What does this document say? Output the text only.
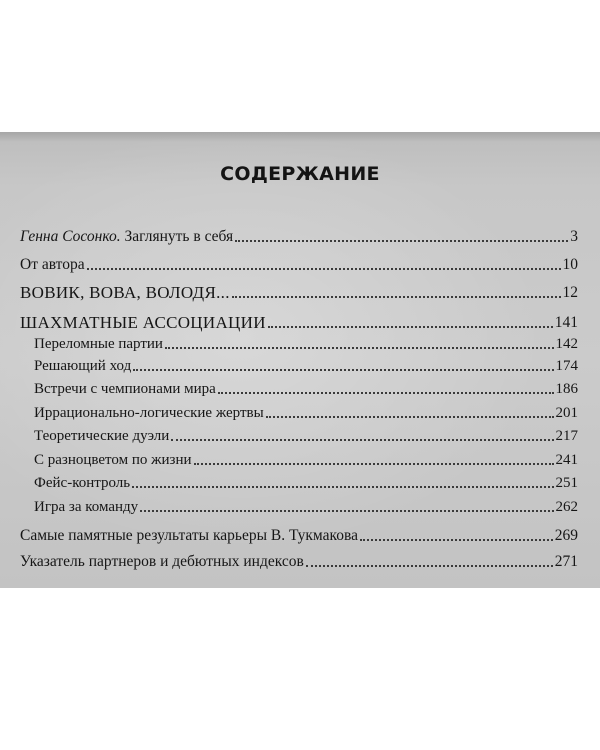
СОДЕРЖАНИЕ
Генна Сосонко. Заглянуть в себя	3
От автора	10
ВОВИК, ВОВА, ВОЛОДЯ...	12
ШАХМАТНЫЕ АССОЦИАЦИИ	141
Переломные партии	142
Решающий ход	174
Встречи с чемпионами мира	186
Иррационально-логические жертвы	201
Теоретические дуэли	217
С разноцветом по жизни	241
Фейс-контроль	251
Игра за команду	262
Самые памятные результаты карьеры В. Тукмакова	269
Указатель партнеров и дебютных индексов	271
